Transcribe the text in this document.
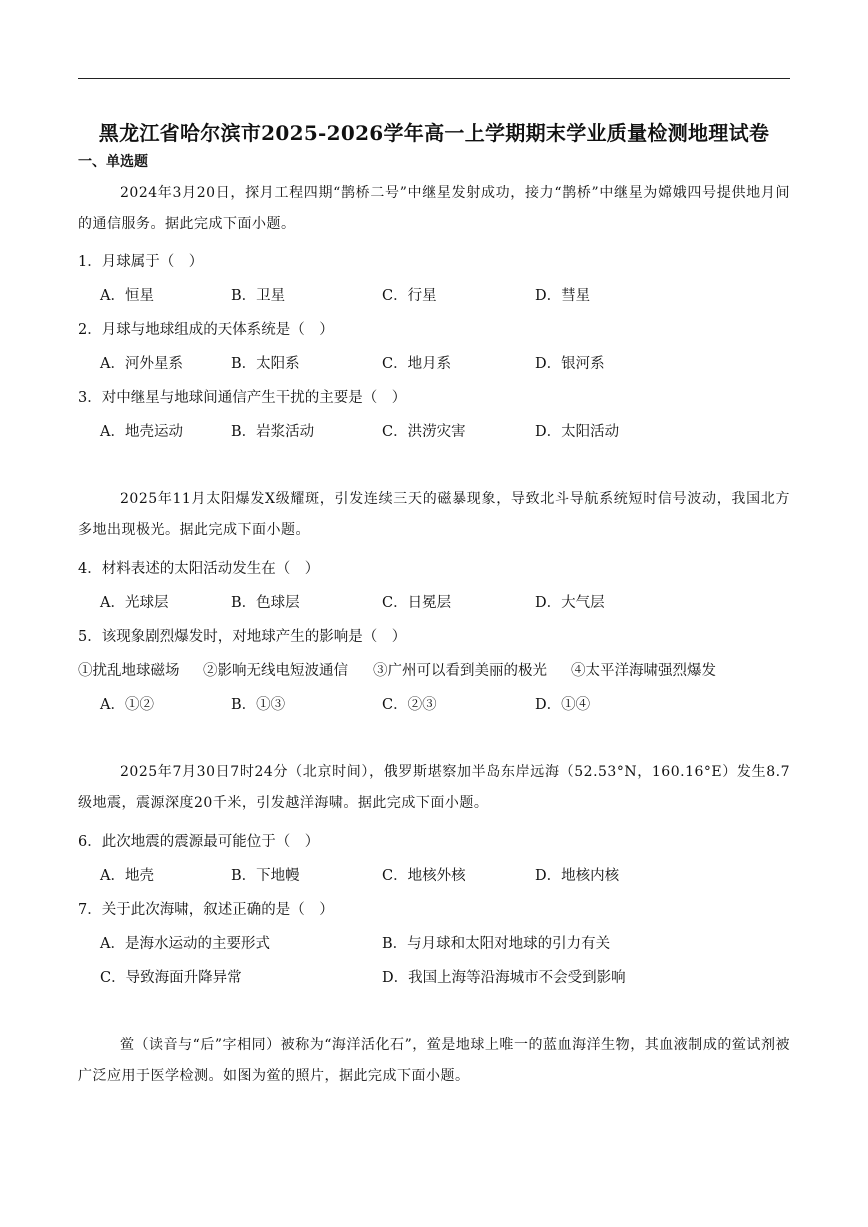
黑龙江省哈尔滨市2025-2026学年高一上学期期末学业质量检测地理试卷
一、单选题
2024年3月20日，探月工程四期“鹊桥二号”中继星发射成功，接力“鹊桥”中继星为嫦娥四号提供地月间的通信服务。据此完成下面小题。
1．月球属于（　）
A．恒星	B．卫星	C．行星	D．彗星
2．月球与地球组成的天体系统是（　）
A．河外星系	B．太阳系	C．地月系	D．银河系
3．对中继星与地球间通信产生干扰的主要是（　）
A．地壳运动	B．岩浆活动	C．洪涝灾害	D．太阳活动
2025年11月太阳爆发X级耀斑，引发连续三天的磁暴现象，导致北斗导航系统短时信号波动，我国北方多地出现极光。据此完成下面小题。
4．材料表述的太阳活动发生在（　）
A．光球层	B．色球层	C．日冕层	D．大气层
5．该现象剧烈爆发时，对地球产生的影响是（　）
①扰乱地球磁场 ②影响无线电短波通信 ③广州可以看到美丽的极光 ④太平洋海啸强烈爆发
A．①②	B．①③	C．②③	D．①④
2025年7月30日7时24分（北京时间），俄罗斯堪察加半岛东岸远海（52.53°N，160.16°E）发生8.7级地震，震源深度20千米，引发越洋海啸。据此完成下面小题。
6．此次地震的震源最可能位于（　）
A．地壳	B．下地幔	C．地核外核	D．地核内核
7．关于此次海啸，叙述正确的是（　）
A．是海水运动的主要形式	B．与月球和太阳对地球的引力有关
C．导致海面升降异常	D．我国上海等沿海城市不会受到影响
鲎（读音与“后”字相同）被称为“海洋活化石”，鲎是地球上唯一的蓝血海洋生物，其血液制成的鲎试剂被广泛应用于医学检测。如图为鲎的照片，据此完成下面小题。
